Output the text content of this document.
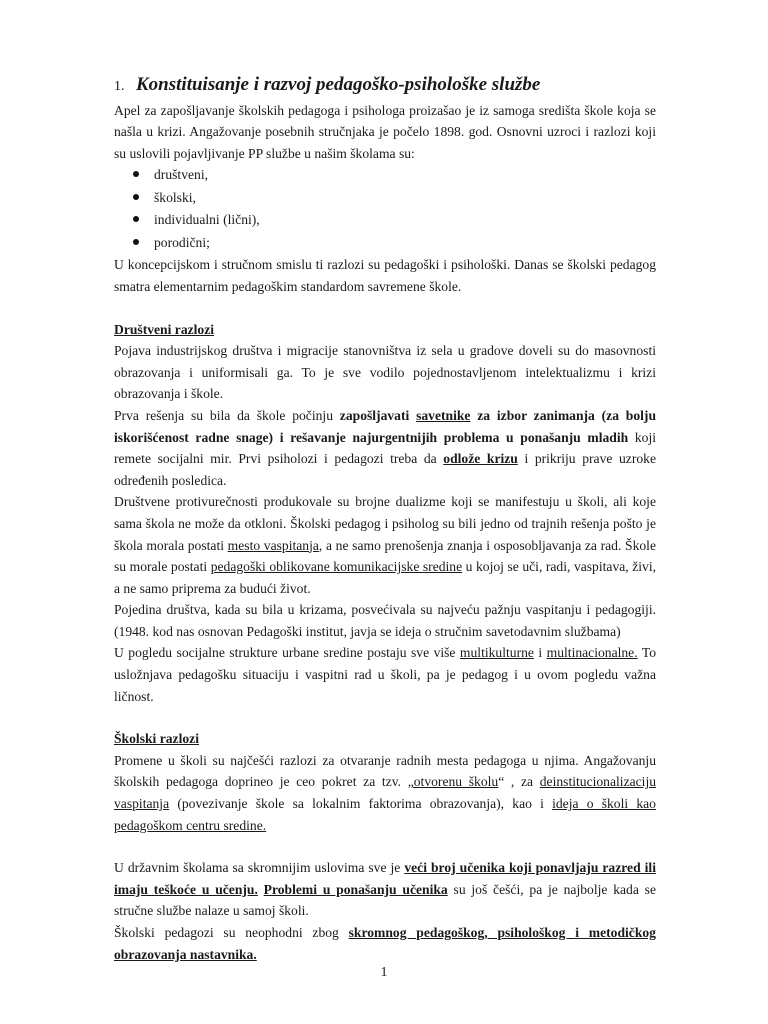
1. Konstituisanje i razvoj pedagoško-psihološke službe

Apel za zapošljavanje školskih pedagoga i psihologa proizašao je iz samoga središta škole koja se našla u krizi. Angažovanje posebnih stručnjaka je počelo 1898. god. Osnovni uzroci i razlozi koji su uslovili pojavljivanje PP službe u našim školama su:

društveni,
školski,
individualni (lični),
porodični;

U koncepcijskom i stručnom smislu ti razlozi su pedagoški i psihološki. Danas se školski pedagog smatra elementarnim pedagoškim standardom savremene škole.

Društveni razlozi

Pojava industrijskog društva i migracije stanovništva iz sela u gradove doveli su do masovnosti obrazovanja i uniformisali ga. To je sve vodilo pojednostavljenom intelektualizmu i krizi obrazovanja i škole.

Prva rešenja su bila da škole počinju zapošljavati savetnike za izbor zanimanja (za bolju iskorišćenost radne snage) i rešavanje najurgentnijih problema u ponašanju mladih koji remete socijalni mir. Prvi psiholozi i pedagozi treba da odlože krizu i prikriju prave uzroke određenih posledica.

Društvene protivurečnosti produkovale su brojne dualizme koji se manifestuju u školi, ali koje sama škola ne može da otkloni. Školski pedagog i psiholog su bili jedno od trajnih rešenja pošto je škola morala postati mesto vaspitanja, a ne samo prenošenja znanja i osposobljavanja za rad. Škole su morale postati pedagoški oblikovane komunikacijske sredine u kojoj se uči, radi, vaspitava, živi, a ne samo priprema za budući život.

Pojedina društva, kada su bila u krizama, posvećivala su najveću pažnju vaspitanju i pedagogiji. (1948. kod nas osnovan Pedagoški institut, javja se ideja o stručnim savetodavnim službama)

U pogledu socijalne strukture urbane sredine postaju sve više multikulturne i multinacionalne. To usložnjava pedagošku situaciju i vaspitni rad u školi, pa je pedagog i u ovom pogledu važna ličnost.

Školski razlozi

Promene u školi su najčešći razlozi za otvaranje radnih mesta pedagoga u njima. Angažovanju školskih pedagoga doprineo je ceo pokret za tzv. „otvorenu školu“ , za deinstitucionalizaciju vaspitanja (povezivanje škole sa lokalnim faktorima obrazovanja), kao i ideja o školi kao pedagoškom centru sredine.

U državnim školama sa skromnijim uslovima sve je veći broj učenika koji ponavljaju razred ili imaju teškoće u učenju. Problemi u ponašanju učenika su još češći, pa je najbolje kada se stručne službe nalaze u samoj školi.

Školski pedagozi su neophodni zbog skromnog pedagoškog, psihološkog i metodičkog obrazovanja nastavnika.

1
